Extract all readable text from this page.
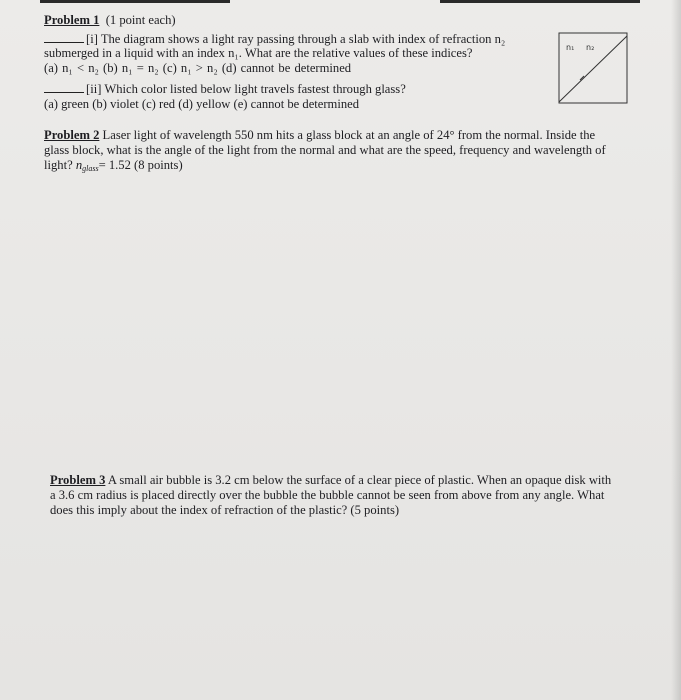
Problem 1 (1 point each)
[i] The diagram shows a light ray passing through a slab with index of refraction n₂
submerged in a liquid with an index n₁. What are the relative values of these indices?
(a) n₁ < n₂ (b) n₁ = n₂ (c) n₁ > n₂ (d) cannot be determined
[ii] Which color listed below light travels fastest through glass?
(a) green (b) violet (c) red (d) yellow (e) cannot be determined
n₁ n₂
Problem 2 Laser light of wavelength 550 nm hits a glass block at an angle of 24° from the normal. Inside the
glass block, what is the angle of the light from the normal and what are the speed, frequency and wavelength of
light? $n_{glass}= 1.52$ (8 points)
Problem 3 A small air bubble is 3.2 cm below the surface of a clear piece of plastic. When an opaque disk with
a 3.6 cm radius is placed directly over the bubble the bubble cannot be seen from above from any angle. What
does this imply about the index of refraction of the plastic? (5 points)
